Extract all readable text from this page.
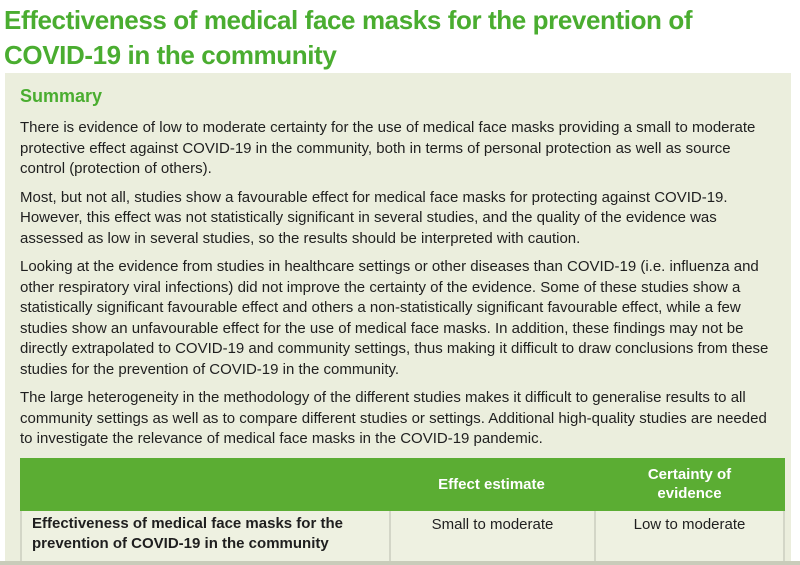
Effectiveness of medical face masks for the prevention of
COVID-19 in the community
Summary

There is evidence of low to moderate certainty for the use of medical face masks providing a small to moderate protective effect against COVID-19 in the community, both in terms of personal protection as well as source control (protection of others).

Most, but not all, studies show a favourable effect for medical face masks for protecting against COVID-19. However, this effect was not statistically significant in several studies, and the quality of the evidence was assessed as low in several studies, so the results should be interpreted with caution.

Looking at the evidence from studies in healthcare settings or other diseases than COVID-19 (i.e. influenza and other respiratory viral infections) did not improve the certainty of the evidence. Some of these studies show a statistically significant favourable effect and others a non-statistically significant favourable effect, while a few studies show an unfavourable effect for the use of medical face masks. In addition, these findings may not be directly extrapolated to COVID-19 and community settings, thus making it difficult to draw conclusions from these studies for the prevention of COVID-19 in the community.

The large heterogeneity in the methodology of the different studies makes it difficult to generalise results to all community settings as well as to compare different studies or settings. Additional high-quality studies are needed to investigate the relevance of medical face masks in the COVID-19 pandemic.

Effect estimate
Certainty of evidence
Effectiveness of medical face masks for the prevention of COVID-19 in the community
Small to moderate	Low to moderate
